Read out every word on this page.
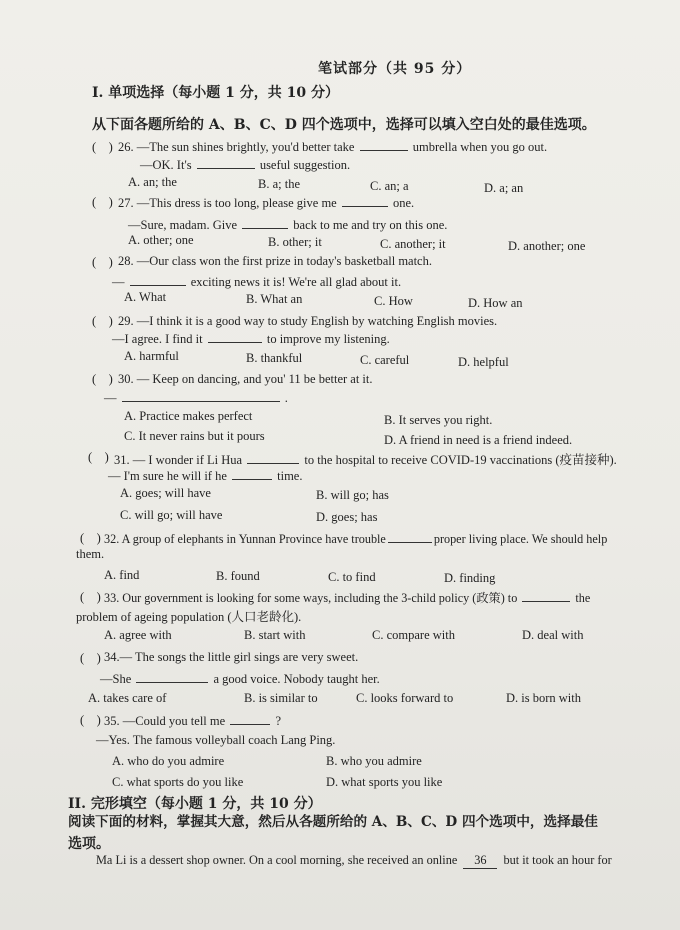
笔试部分（共 95 分）
I. 单项选择（每小题 1 分，共 10 分）
从下面各题所给的 A、B、C、D 四个选项中，选择可以填入空白处的最佳选项。
(　) 26. —The sun shines brightly, you'd better take	umbrella when you go out.
—OK. It's	useful suggestion.
A. an; the	B. a; the	C. an; a	D. a; an
(　) 27. —This dress is too long, please give me	one.
—Sure, madam. Give	back to me and try on this one.
A. other; one	B. other; it	C. another; it	D. another; one
(　) 28. —Our class won the first prize in today's basketball match.
—	exciting news it is! We're all glad about it.
A. What	B. What an	C. How	D. How an
(　) 29. —I think it is a good way to study English by watching English movies.
—I agree. I find it	to improve my listening.
A. harmful	B. thankful	C. careful	D. helpful
(　) 30. — Keep on dancing, and you' 11 be better at it.
—	.
A. Practice makes perfect	B. It serves you right.
C. It never rains but it pours	D. A friend in need is a friend indeed.
(　) 31. — I wonder if Li Hua	to the hospital to receive COVID-19 vaccinations (疫苗接种).
— I'm sure he will if he	time.
A. goes; will have	B. will go; has
C. will go; will have	D. goes; has
(　) 32. A group of elephants in Yunnan Province have trouble	proper living place. We should help
them.
A. find	B. found	C. to find	D. finding
(　) 33. Our government is looking for some ways, including the 3-child policy (政策) to	the
problem of ageing population (人口老龄化).
A. agree with	B. start with	C. compare with	D. deal with
(　) 34.— The songs the little girl sings are very sweet.
—She	a good voice. Nobody taught her.
A. takes care of	B. is similar to	C. looks forward to	D. is born with
(　) 35. —Could you tell me	?
—Yes. The famous volleyball coach Lang Ping.
A. who do you admire	B. who you admire
C. what sports do you like	D. what sports you like
II. 完形填空（每小题 1 分，共 10 分）
阅读下面的材料，掌握其大意，然后从各题所给的 A、B、C、D 四个选项中，选择最佳
选项。
Ma Li is a dessert shop owner. On a cool morning, she received an online 36 but it took an hour for
